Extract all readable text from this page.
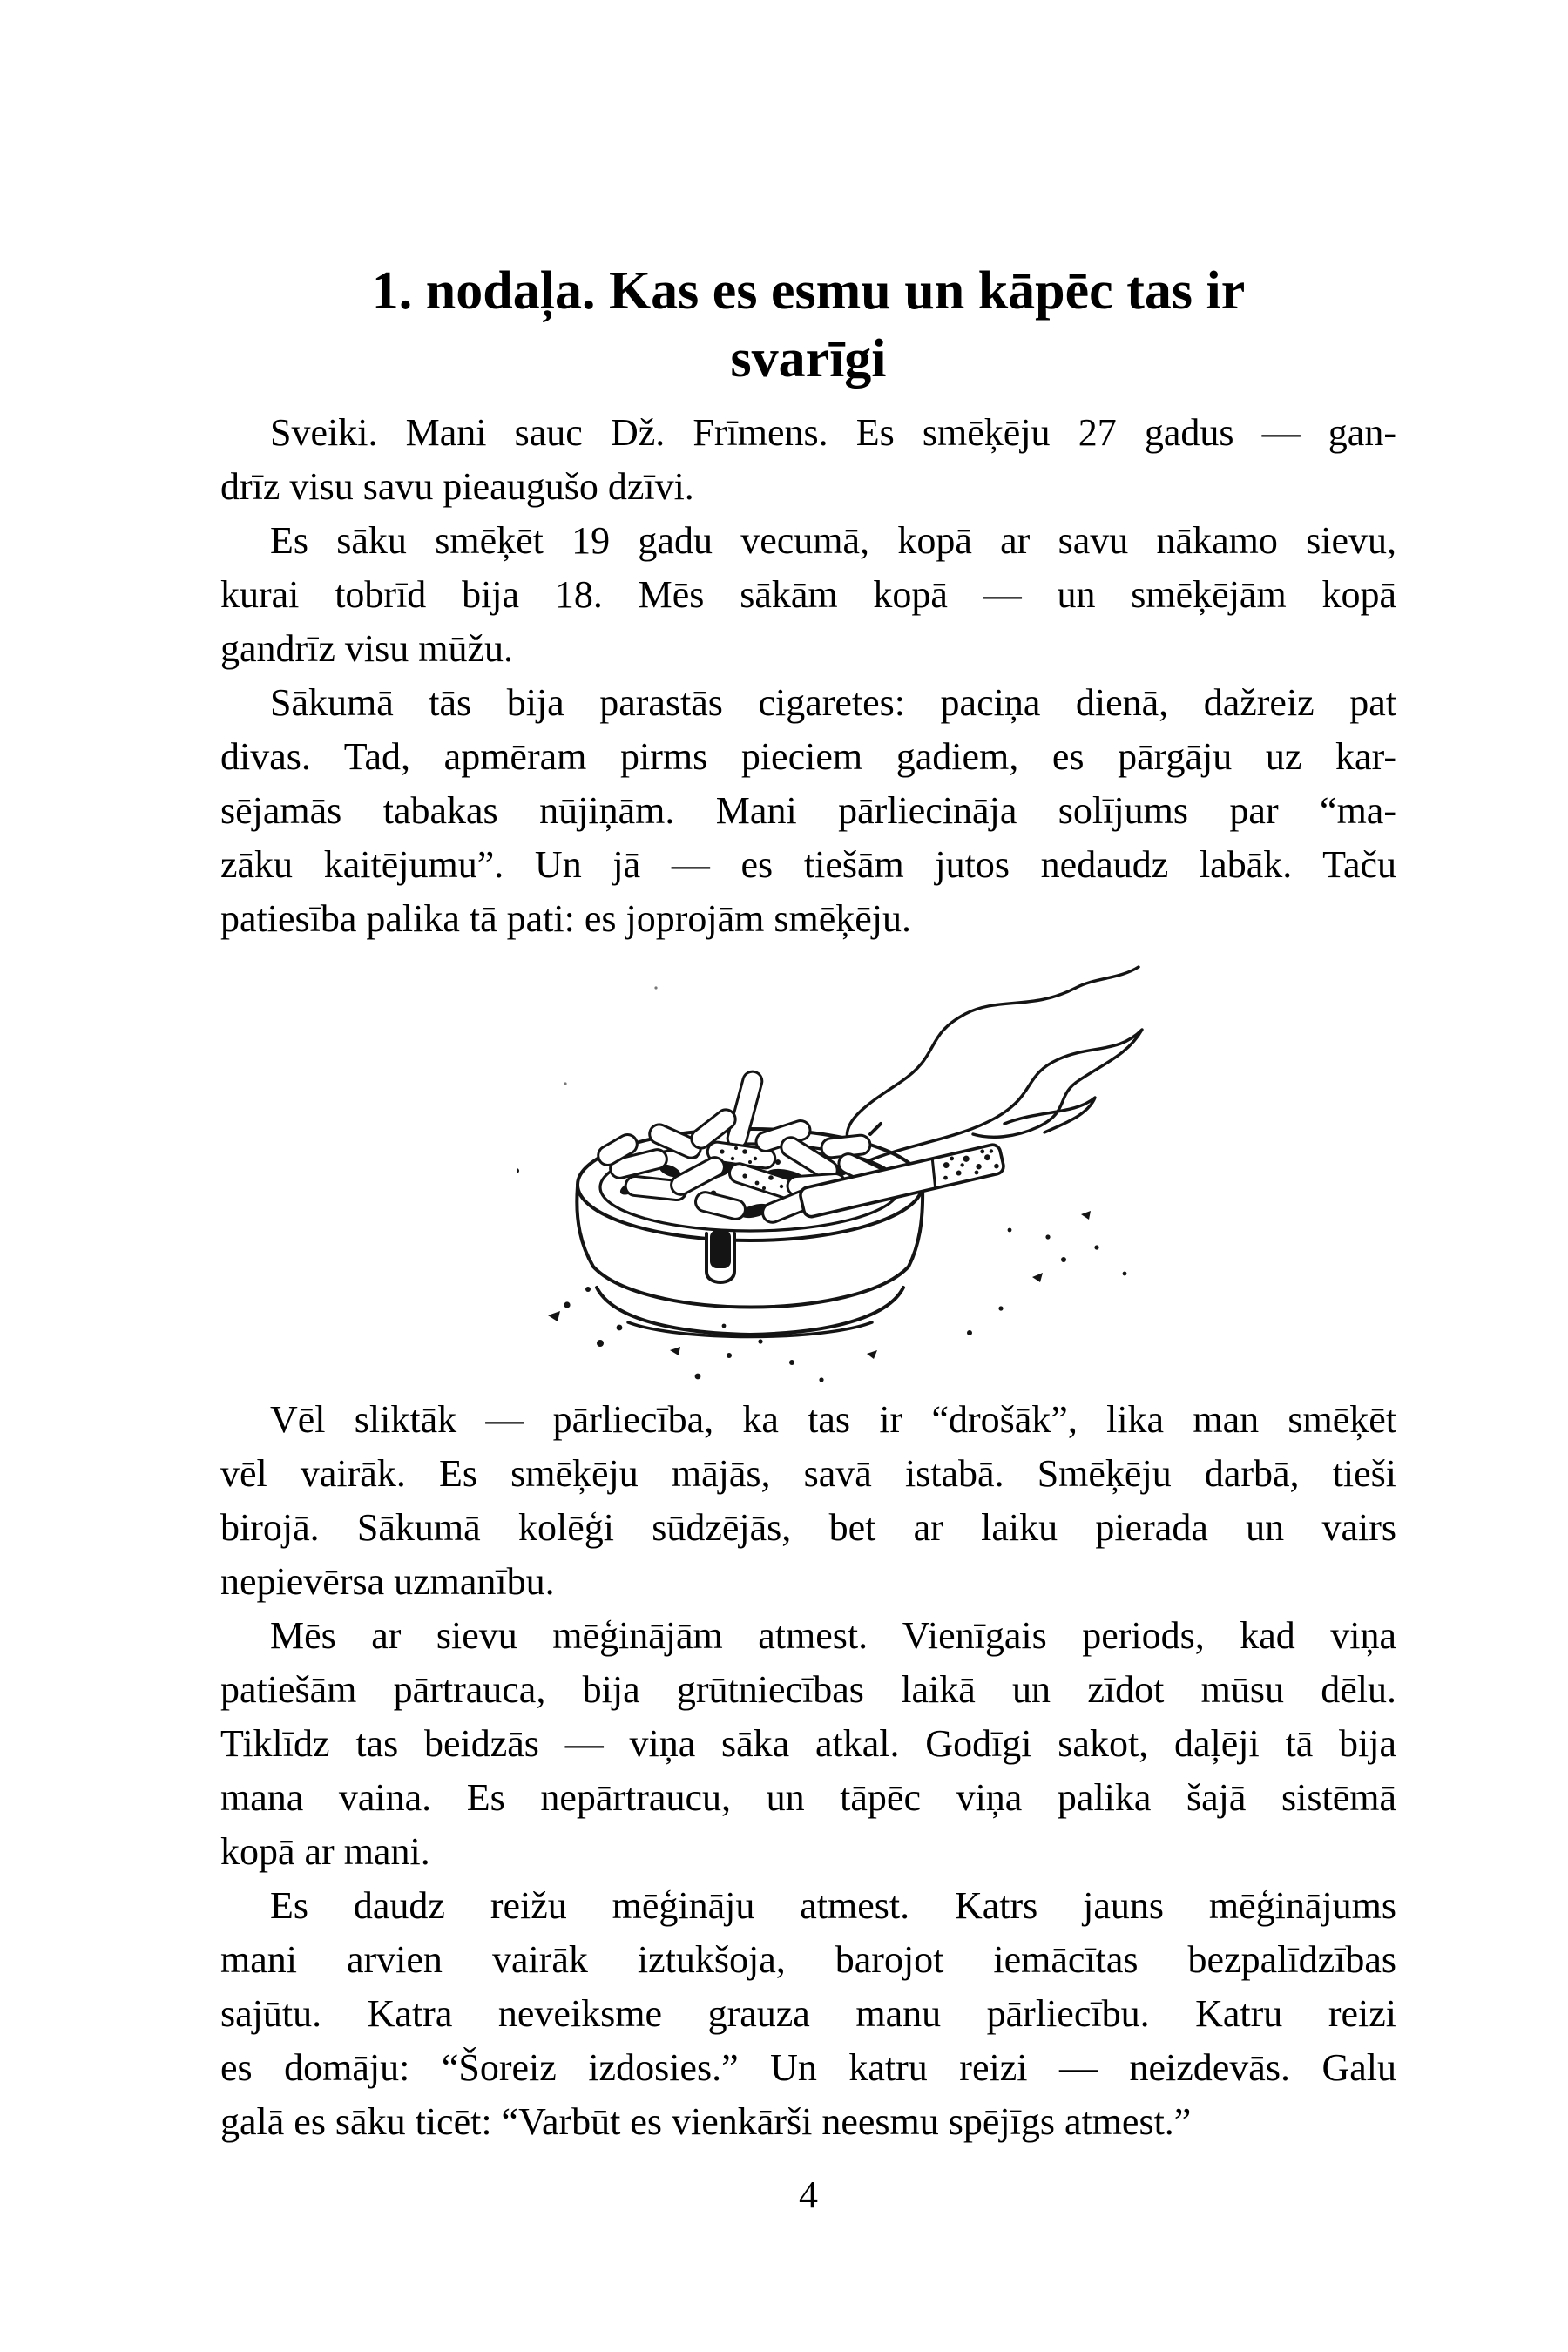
1. nodaļa. Kas es esmu un kāpēc tas ir
svarīgi
Sveiki. Mani sauc Dž. Frīmens. Es smēķēju 27 gadus — gan-
drīz visu savu pieaugušo dzīvi.
Es sāku smēķēt 19 gadu vecumā, kopā ar savu nākamo sievu,
kurai tobrīd bija 18. Mēs sākām kopā — un smēķējām kopā
gandrīz visu mūžu.
Sākumā tās bija parastās cigaretes: paciņa dienā, dažreiz pat
divas. Tad, apmēram pirms pieciem gadiem, es pārgāju uz kar-
sējamās tabakas nūjiņām. Mani pārliecināja solījums par “ma-
zāku kaitējumu”. Un jā — es tiešām jutos nedaudz labāk. Taču
patiesība palika tā pati: es joprojām smēķēju.
Vēl sliktāk — pārliecība, ka tas ir “drošāk”, lika man smēķēt
vēl vairāk. Es smēķēju mājās, savā istabā. Smēķēju darbā, tieši
birojā. Sākumā kolēģi sūdzējās, bet ar laiku pierada un vairs
nepievērsa uzmanību.
Mēs ar sievu mēģinājām atmest. Vienīgais periods, kad viņa
patiešām pārtrauca, bija grūtniecības laikā un zīdot mūsu dēlu.
Tiklīdz tas beidzās — viņa sāka atkal. Godīgi sakot, daļēji tā bija
mana vaina. Es nepārtraucu, un tāpēc viņa palika šajā sistēmā
kopā ar mani.
Es daudz reižu mēģināju atmest. Katrs jauns mēģinājums
mani arvien vairāk iztukšoja, barojot iemācītas bezpalīdzības
sajūtu. Katra neveiksme grauza manu pārliecību. Katru reizi
es domāju: “Šoreiz izdosies.” Un katru reizi — neizdevās. Galu
galā es sāku ticēt: “Varbūt es vienkārši neesmu spējīgs atmest.”
4
